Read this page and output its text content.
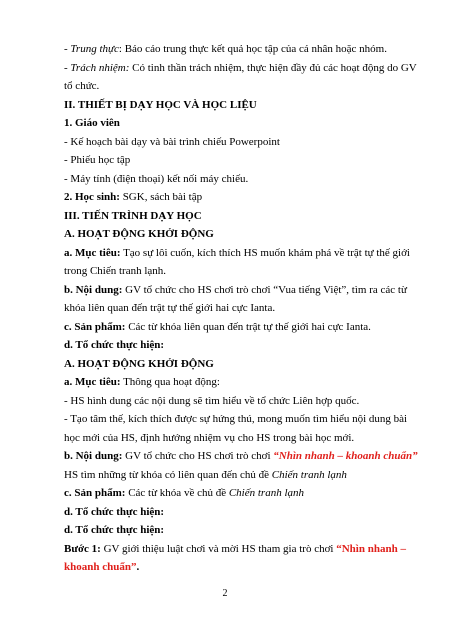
- Trung thực: Báo cáo trung thực kết quả học tập của cá nhân hoặc nhóm.
- Trách nhiệm: Có tinh thần trách nhiệm, thực hiện đầy đủ các hoạt động do GV
tổ chức.
II. THIẾT BỊ DẠY HỌC VÀ HỌC LIỆU
1. Giáo viên
- Kế hoạch bài dạy và bài trình chiếu Powerpoint
- Phiếu học tập
- Máy tính (điện thoại) kết nối máy chiếu.
2. Học sinh: SGK, sách bài tập
III. TIẾN TRÌNH DẠY HỌC
A. HOẠT ĐỘNG KHỞI ĐỘNG
a. Mục tiêu: Tạo sự lôi cuốn, kích thích HS muốn khám phá về trật tự thế giới
trong Chiến tranh lạnh.
b. Nội dung: GV tổ chức cho HS chơi trò chơi “Vua tiếng Việt”, tìm ra các từ
khóa liên quan đến trật tự thế giới hai cực Ianta.
c. Sản phẩm: Các từ khóa liên quan đến trật tự thế giới hai cực Ianta.
d. Tổ chức thực hiện:
A. HOẠT ĐỘNG KHỞI ĐỘNG
a. Mục tiêu: Thông qua hoạt động:
- HS hình dung các nội dung sẽ tìm hiểu về tổ chức Liên hợp quốc.
- Tạo tâm thế, kích thích được sự hứng thú, mong muốn tìm hiểu nội dung bài
học mới của HS, định hướng nhiệm vụ cho HS trong bài học mới.
b. Nội dung: GV tổ chức cho HS chơi trò chơi “Nhìn nhanh – khoanh chuẩn”
HS tìm những từ khóa có liên quan đến chủ đề Chiến tranh lạnh
c. Sản phẩm: Các từ khóa về chủ đề Chiến tranh lạnh
d. Tổ chức thực hiện:
d. Tổ chức thực hiện:
Bước 1: GV giới thiệu luật chơi và mời HS tham gia trò chơi “Nhìn nhanh –
khoanh chuẩn”.
2
